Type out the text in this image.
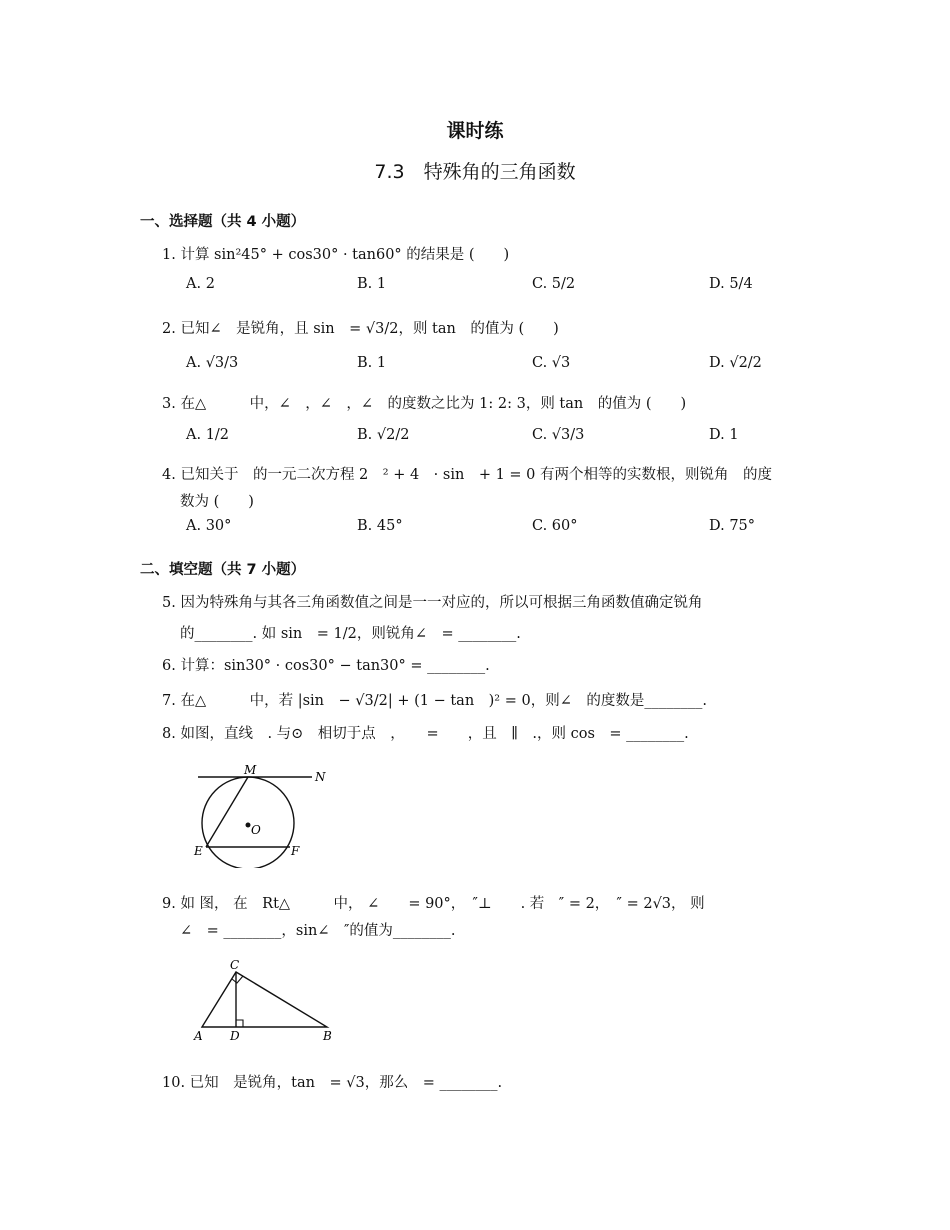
课时练
7.3　特殊角的三角函数
一、选择题（共 4 小题）
1. 计算 sin²45° + cos30° · tan60° 的结果是 (　　)
A. 2	B. 1	C. 5/2	D. 5/4
2. 已知∠　是锐角，且 sin　= √3/2，则 tan　的值为 (　　)
A. √3/3	B. 1	C. √3	D. √2/2
3. 在△　　　中，∠　，∠　，∠　的度数之比为 1: 2: 3，则 tan　的值为 (　　)
A. 1/2	B. √2/2	C. √3/3	D. 1
4. 已知关于　的一元二次方程 2　² + 4　· sin　+ 1 = 0 有两个相等的实数根，则锐角　的度
数为 (　　)
A. 30°	B. 45°	C. 60°	D. 75°
二、填空题（共 7 小题）
5. 因为特殊角与其各三角函数值之间是一一对应的，所以可根据三角函数值确定锐角
的________. 如 sin　= 1/2，则锐角∠　= ________.
6. 计算：sin30° · cos30° − tan30° = ________.
7. 在△　　　中，若 |sin　− √3/2| + (1 − tan　)² = 0，则∠　的度数是________.
8. 如图，直线　. 与⊙　相切于点　，　　=　　，且　∥　.，则 cos　= ________.
M	N
O
E	F
9. 如 图， 在　Rt△　　　中， ∠　　= 90°，　″⊥　　. 若　″ = 2，　″ = 2√3， 则
∠　= ________，sin∠　″的值为________.
C
A D	B
10. 已知　是锐角，tan　= √3，那么　= ________.
